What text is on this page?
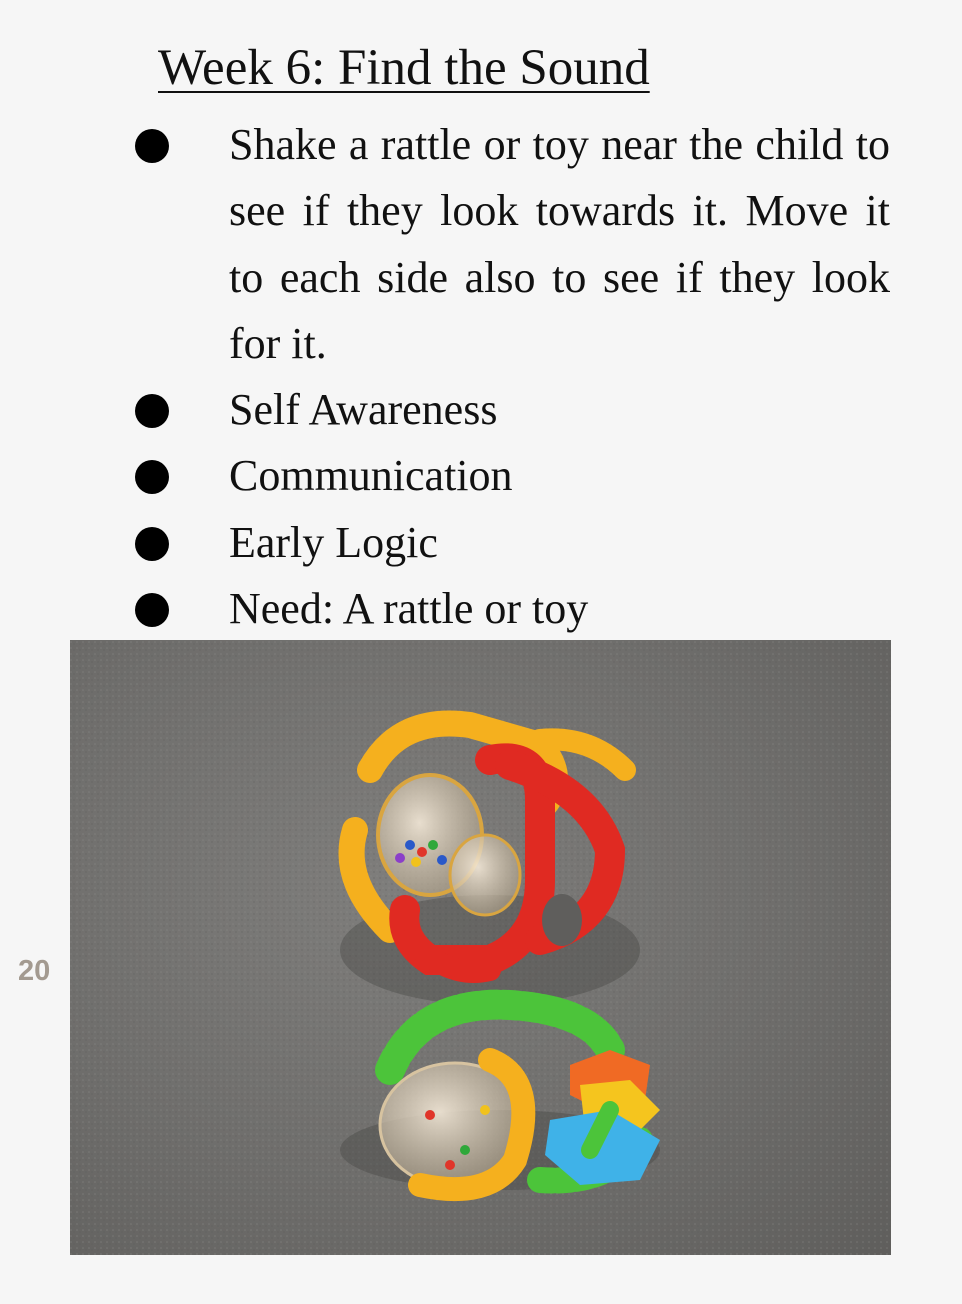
Week 6: Find the Sound
Shake a rattle or toy near the child to see if they look towards it. Move it to each side also to see if they look for it.
Self Awareness
Communication
Early Logic
Need: A rattle or toy
20
